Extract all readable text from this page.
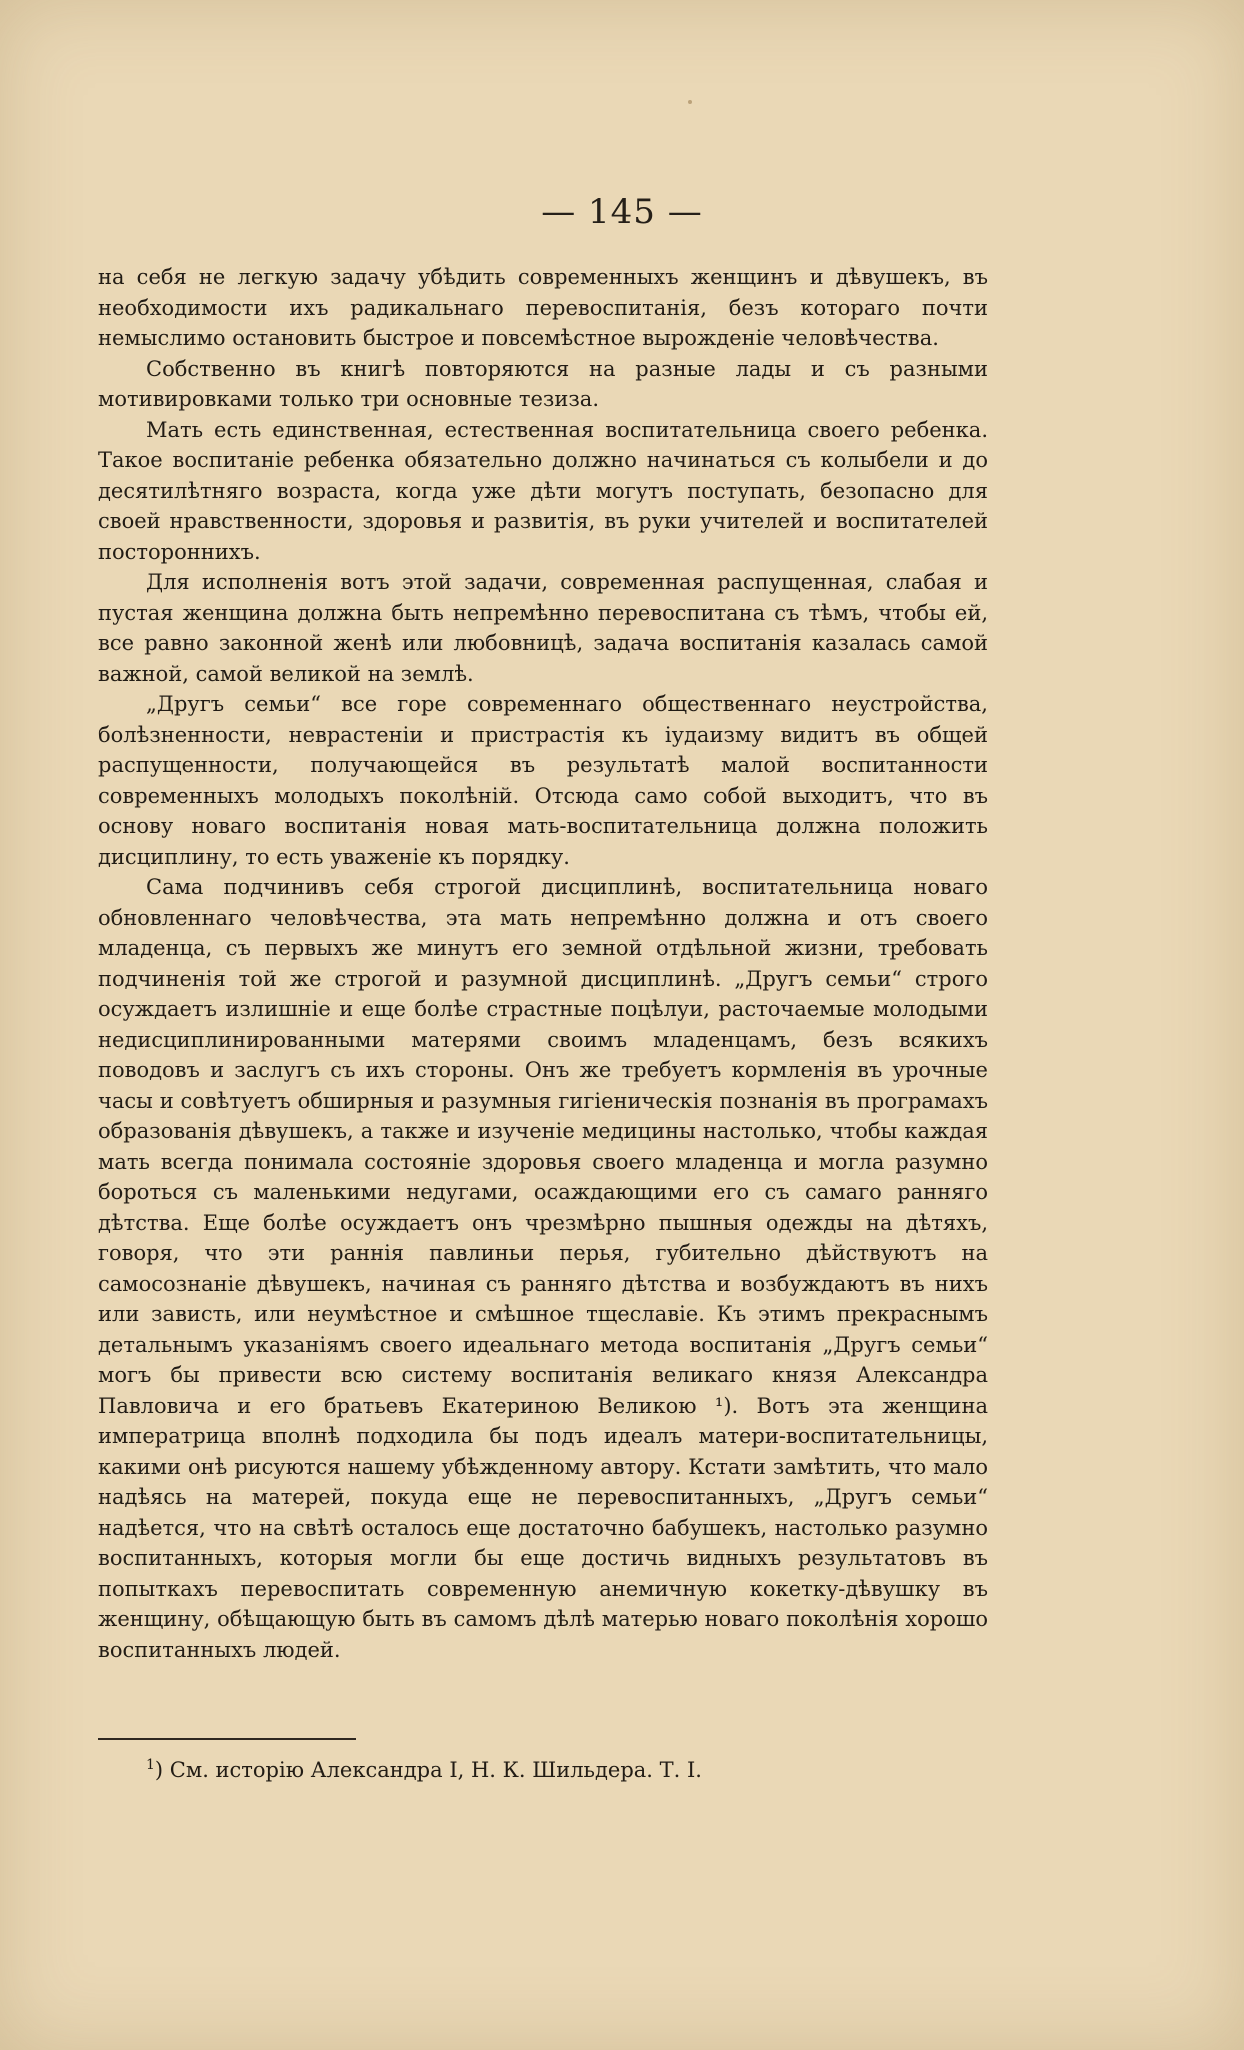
— 145 —

на себя не легкую задачу убѣдить современныхъ женщинъ и дѣвушекъ, въ необходимости ихъ радикальнаго перевоспитанія, безъ котораго почти немыслимо остановить быстрое и повсемѣстное вырожденіе человѣчества.

Собственно въ книгѣ повторяются на разные лады и съ разными мотивировками только три основные тезиза.

Мать есть единственная, естественная воспитательница своего ребенка. Такое воспитаніе ребенка обязательно должно начинаться съ колыбели и до десятилѣтняго возраста, когда уже дѣти могутъ поступать, безопасно для своей нравственности, здоровья и развитія, въ руки учителей и воспитателей постороннихъ.

Для исполненія вотъ этой задачи, современная распущенная, слабая и пустая женщина должна быть непремѣнно перевоспитана съ тѣмъ, чтобы ей, все равно законной женѣ или любовницѣ, задача воспитанія казалась самой важной, самой великой на землѣ.

„Другъ семьи“ все горе современнаго общественнаго неустройства, болѣзненности, неврастеніи и пристрастія къ іудаизму видитъ въ общей распущенности, получающейся въ результатѣ малой воспитанности современныхъ молодыхъ поколѣній. Отсюда само собой выходитъ, что въ основу новаго воспитанія новая мать-воспитательница должна положить дисциплину, то есть уваженіе къ порядку.

Сама подчинивъ себя строгой дисциплинѣ, воспитательница новаго обновленнаго человѣчества, эта мать непремѣнно должна и отъ своего младенца, съ первыхъ же минутъ его земной отдѣльной жизни, требовать подчиненія той же строгой и разумной дисциплинѣ. „Другъ семьи“ строго осуждаетъ излишніе и еще болѣе страстные поцѣлуи, расточаемые молодыми недисциплинированными матерями своимъ младенцамъ, безъ всякихъ поводовъ и заслугъ съ ихъ стороны. Онъ же требуетъ кормленія въ урочные часы и совѣтуетъ обширныя и разумныя гигіеническія познанія въ програмахъ образованія дѣвушекъ, а также и изученіе медицины настолько, чтобы каждая мать всегда понимала состояніе здоровья своего младенца и могла разумно бороться съ маленькими недугами, осаждающими его съ самаго ранняго дѣтства. Еще болѣе осуждаетъ онъ чрезмѣрно пышныя одежды на дѣтяхъ, говоря, что эти раннія павлиньи перья, губительно дѣйствуютъ на самосознаніе дѣвушекъ, начиная съ ранняго дѣтства и возбуждаютъ въ нихъ или зависть, или неумѣстное и смѣшное тщеславіе. Къ этимъ прекраснымъ детальнымъ указаніямъ своего идеальнаго метода воспитанія „Другъ семьи“ могъ бы привести всю систему воспитанія великаго князя Александра Павловича и его братьевъ Екатериною Великою ¹). Вотъ эта женщина императрица вполнѣ подходила бы подъ идеалъ матери-воспитательницы, какими онѣ рисуются нашему убѣжденному автору. Кстати замѣтить, что мало надѣясь на матерей, покуда еще не перевоспитанныхъ, „Другъ семьи“ надѣется, что на свѣтѣ осталось еще достаточно бабушекъ, настолько разумно воспитанныхъ, которыя могли бы еще достичь видныхъ результатовъ въ попыткахъ перевоспитать современную анемичную кокетку-дѣвушку въ женщину, обѣщающую быть въ самомъ дѣлѣ матерью новаго поколѣнія хорошо воспитанныхъ людей.

$^1$) См. исторію Александра I, Н. К. Шильдера. Т. I.
